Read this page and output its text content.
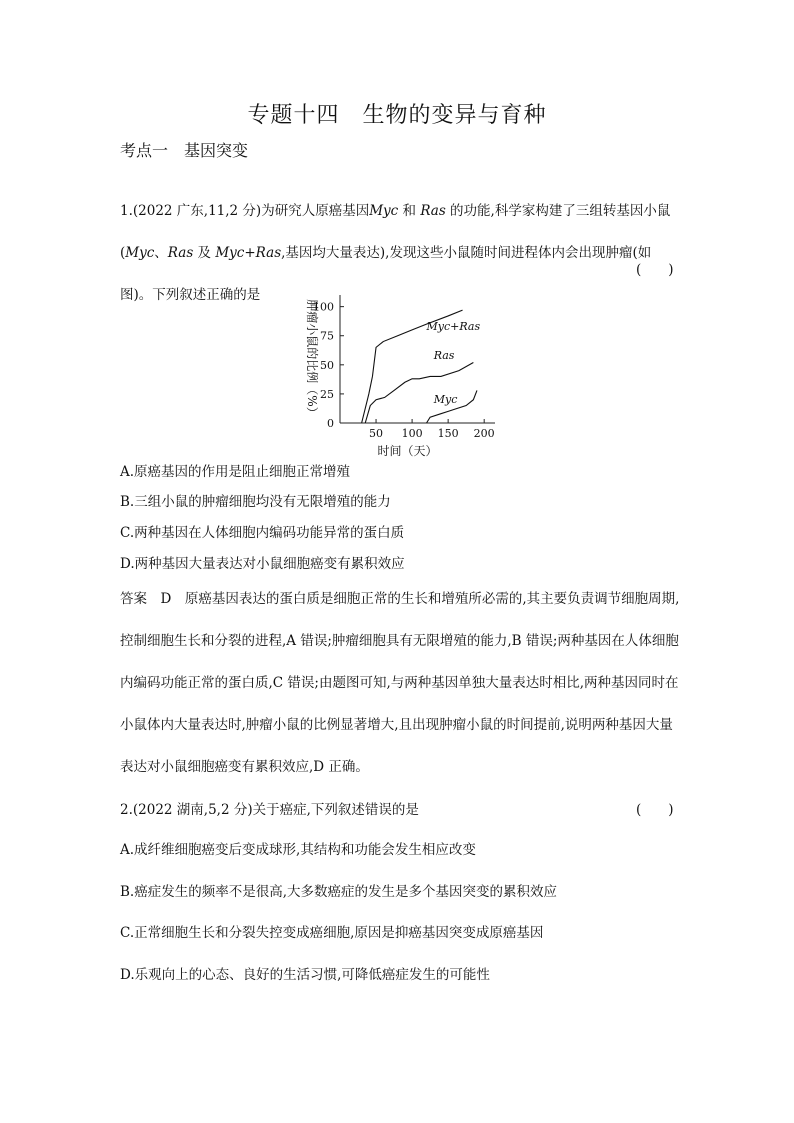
专题十四　生物的变异与育种
考点一　基因突变
1.(2022 广东,11,2 分)为研究人原癌基因Myc 和 Ras 的功能,科学家构建了三组转基因小鼠(Myc、Ras 及 Myc+Ras,基因均大量表达),发现这些小鼠随时间进程体内会出现肿瘤(如图)。下列叙述正确的是
(　　)
0
25
50
75
100
50 100 150 200
时间（天）
肿瘤小鼠的比例（%）	Myc+Ras
Ras
Myc
A.原癌基因的作用是阻止细胞正常增殖
B.三组小鼠的肿瘤细胞均没有无限增殖的能力
C.两种基因在人体细胞内编码功能异常的蛋白质
D.两种基因大量表达对小鼠细胞癌变有累积效应
答案　D　原癌基因表达的蛋白质是细胞正常的生长和增殖所必需的,其主要负责调节细胞周期,控制细胞生长和分裂的进程,A 错误;肿瘤细胞具有无限增殖的能力,B 错误;两种基因在人体细胞内编码功能正常的蛋白质,C 错误;由题图可知,与两种基因单独大量表达时相比,两种基因同时在小鼠体内大量表达时,肿瘤小鼠的比例显著增大,且出现肿瘤小鼠的时间提前,说明两种基因大量表达对小鼠细胞癌变有累积效应,D 正确。
2.(2022 湖南,5,2 分)关于癌症,下列叙述错误的是	(　　)
A.成纤维细胞癌变后变成球形,其结构和功能会发生相应改变
B.癌症发生的频率不是很高,大多数癌症的发生是多个基因突变的累积效应
C.正常细胞生长和分裂失控变成癌细胞,原因是抑癌基因突变成原癌基因
D.乐观向上的心态、良好的生活习惯,可降低癌症发生的可能性
